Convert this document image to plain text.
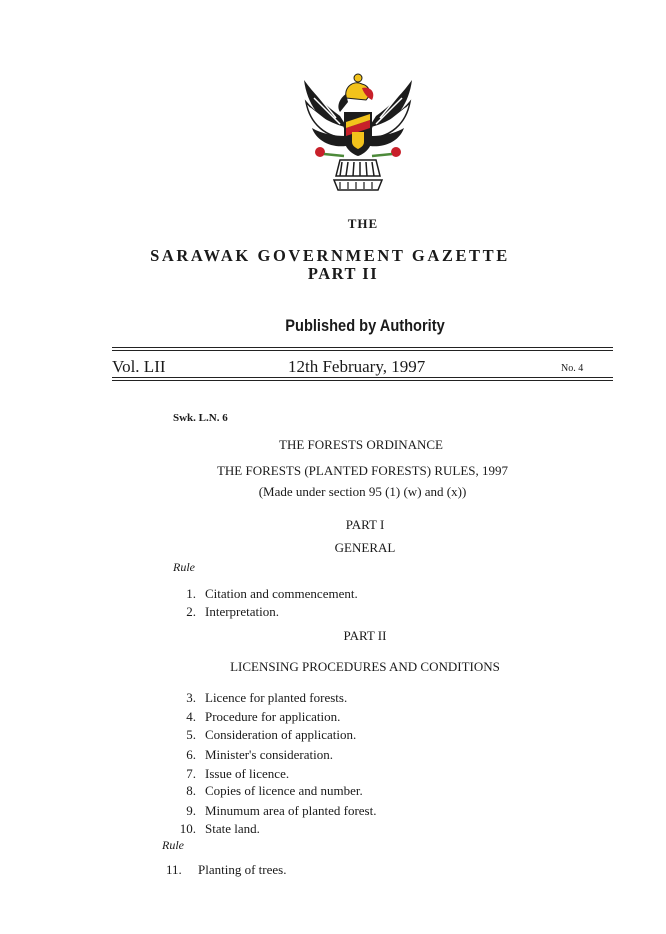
THE
SARAWAK GOVERNMENT GAZETTE
PART II
Published by Authority
Vol. LII	12th February, 1997	No. 4
Swk. L.N. 6
THE FORESTS ORDINANCE
THE FORESTS (PLANTED FORESTS) RULES, 1997
(Made under section 95 (1) (w) and (x))
PART I
GENERAL
Rule
1. Citation and commencement.
2. Interpretation.
PART II
LICENSING PROCEDURES AND CONDITIONS
3. Licence for planted forests.
4. Procedure for application.
5. Consideration of application.
6. Minister's consideration.
7. Issue of licence.
8. Copies of licence and number.
9. Minumum area of planted forest.
10. State land.
Rule
11. Planting of trees.
